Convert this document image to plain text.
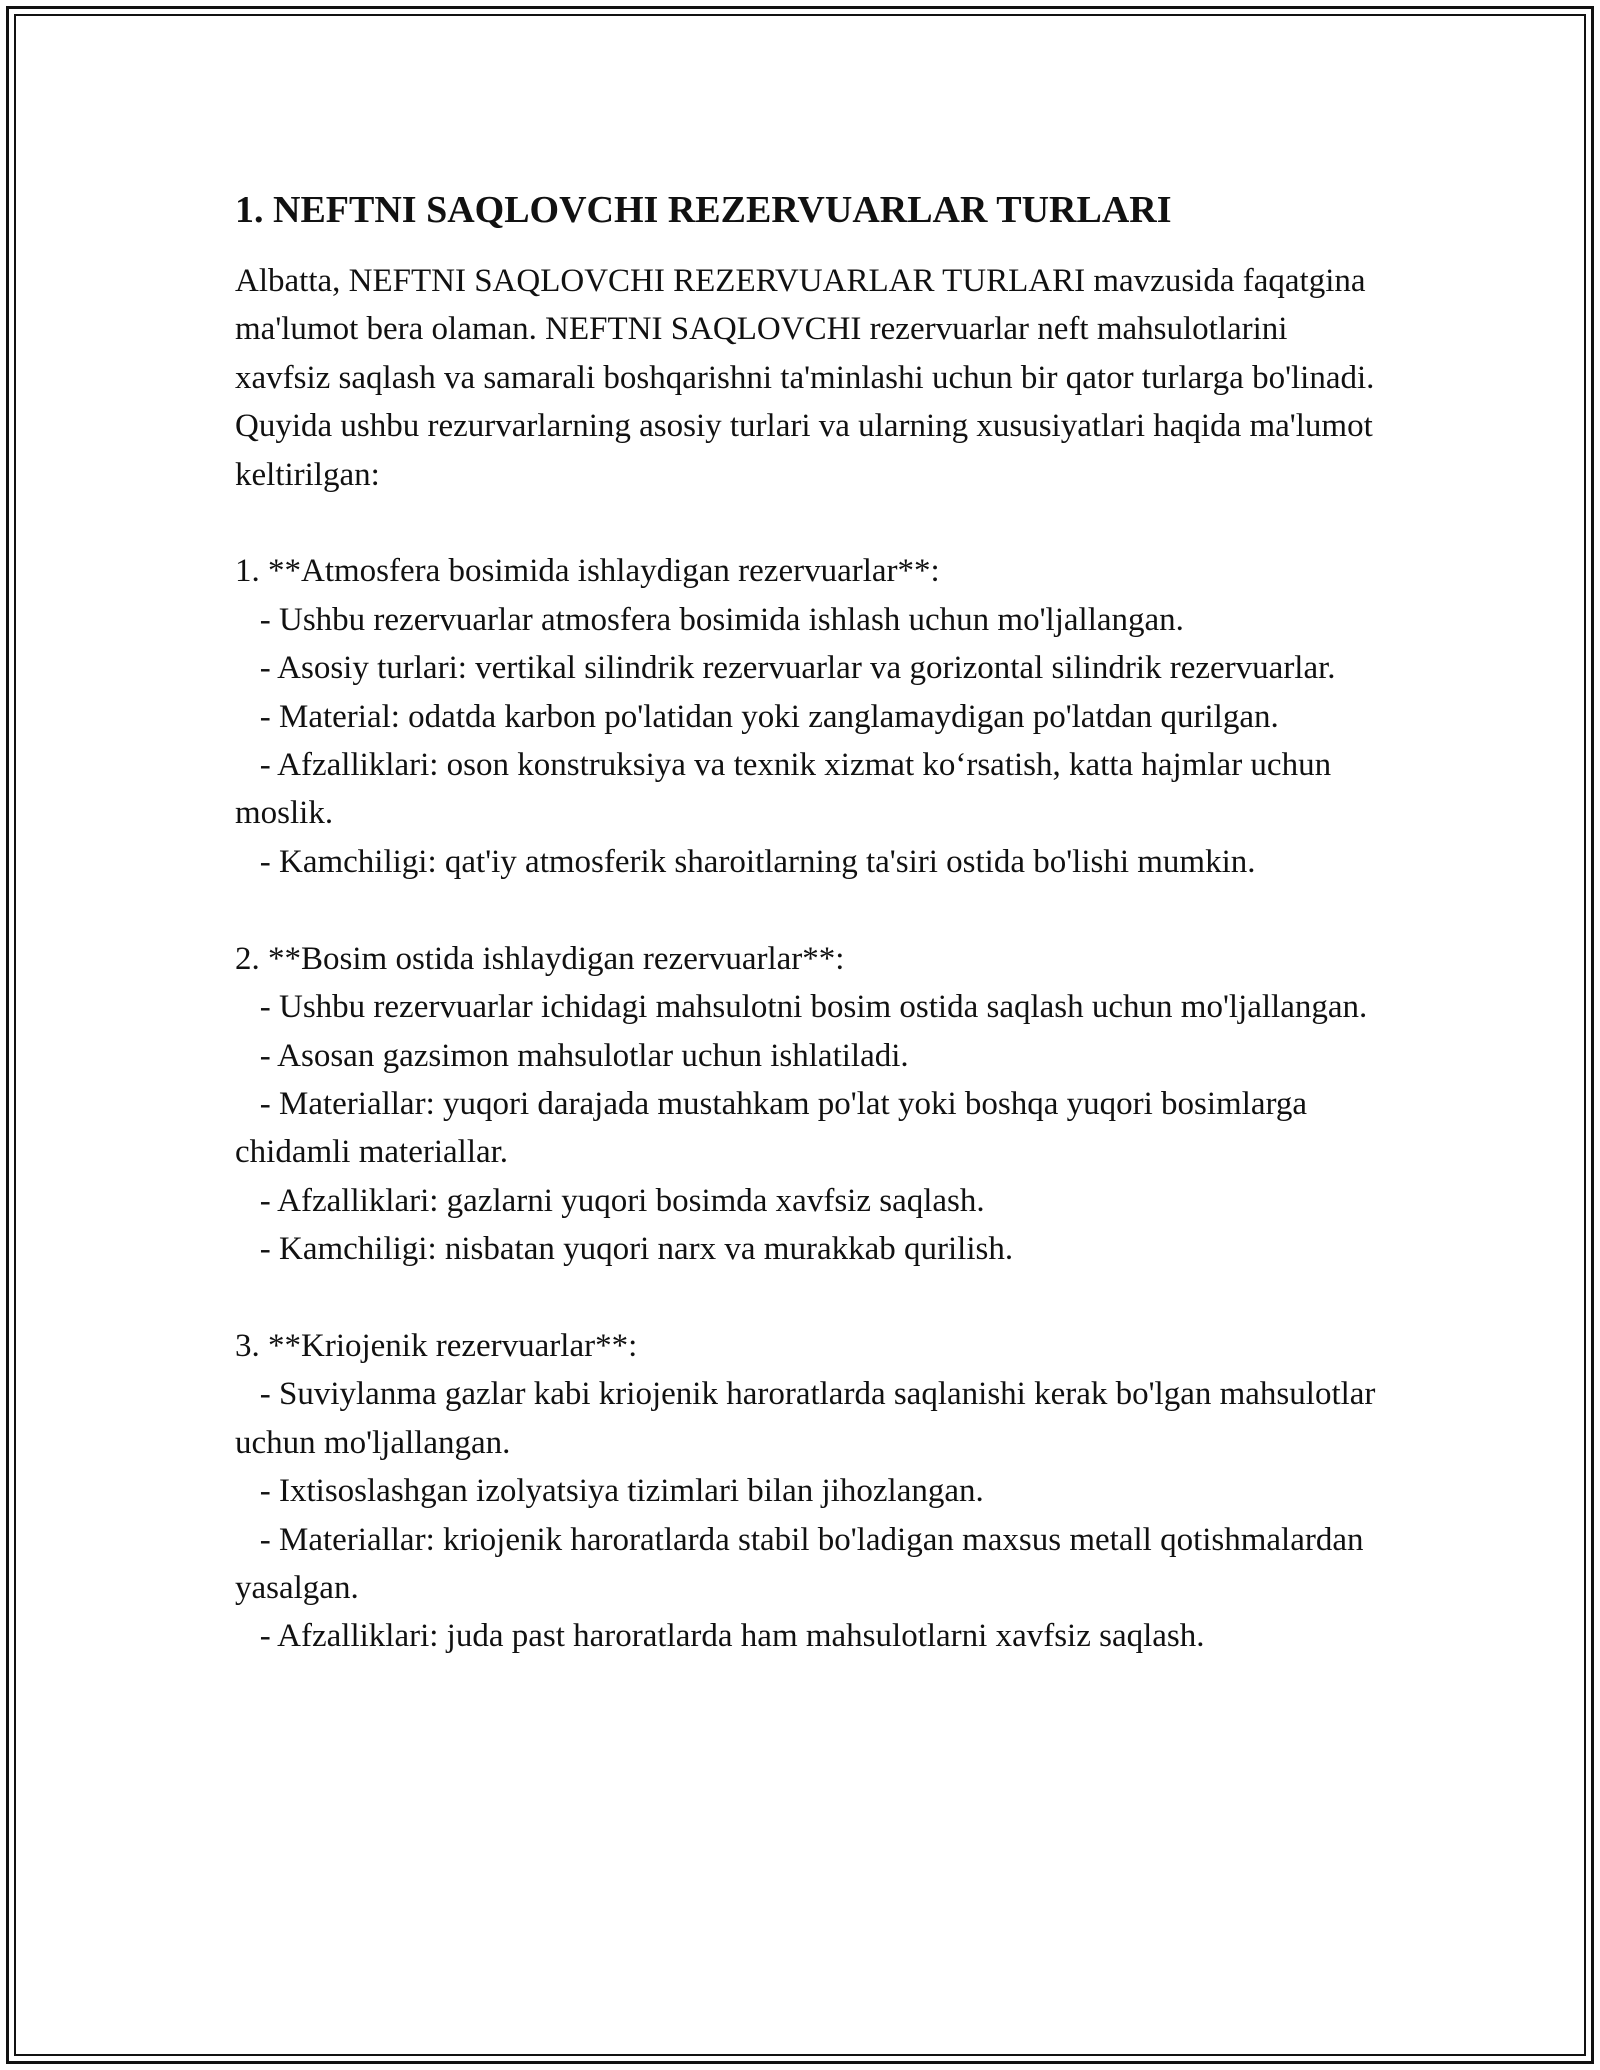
1. NEFTNI SAQLOVCHI REZERVUARLAR TURLARI

Albatta, NEFTNI SAQLOVCHI REZERVUARLAR TURLARI mavzusida faqatgina ma'lumot bera olaman. NEFTNI SAQLOVCHI rezervuarlar neft mahsulotlarini xavfsiz saqlash va samarali boshqarishni ta'minlashi uchun bir qator turlarga bo'linadi. Quyida ushbu rezurvarlarning asosiy turlari va ularning xususiyatlari haqida ma'lumot keltirilgan:

1. **Atmosfera bosimida ishlaydigan rezervuarlar**:
- Ushbu rezervuarlar atmosfera bosimida ishlash uchun mo'ljallangan.
- Asosiy turlari: vertikal silindrik rezervuarlar va gorizontal silindrik rezervuarlar.
- Material: odatda karbon po'latidan yoki zanglamaydigan po'latdan qurilgan.
- Afzalliklari: oson konstruksiya va texnik xizmat ko‘rsatish, katta hajmlar uchun moslik.
- Kamchiligi: qat'iy atmosferik sharoitlarning ta'siri ostida bo'lishi mumkin.

2. **Bosim ostida ishlaydigan rezervuarlar**:
- Ushbu rezervuarlar ichidagi mahsulotni bosim ostida saqlash uchun mo'ljallangan.
- Asosan gazsimon mahsulotlar uchun ishlatiladi.
- Materiallar: yuqori darajada mustahkam po'lat yoki boshqa yuqori bosimlarga chidamli materiallar.
- Afzalliklari: gazlarni yuqori bosimda xavfsiz saqlash.
- Kamchiligi: nisbatan yuqori narx va murakkab qurilish.

3. **Kriojenik rezervuarlar**:
- Suviylanma gazlar kabi kriojenik haroratlarda saqlanishi kerak bo'lgan mahsulotlar uchun mo'ljallangan.
- Ixtisoslashgan izolyatsiya tizimlari bilan jihozlangan.
- Materiallar: kriojenik haroratlarda stabil bo'ladigan maxsus metall qotishmalardan yasalgan.
- Afzalliklari: juda past haroratlarda ham mahsulotlarni xavfsiz saqlash.
